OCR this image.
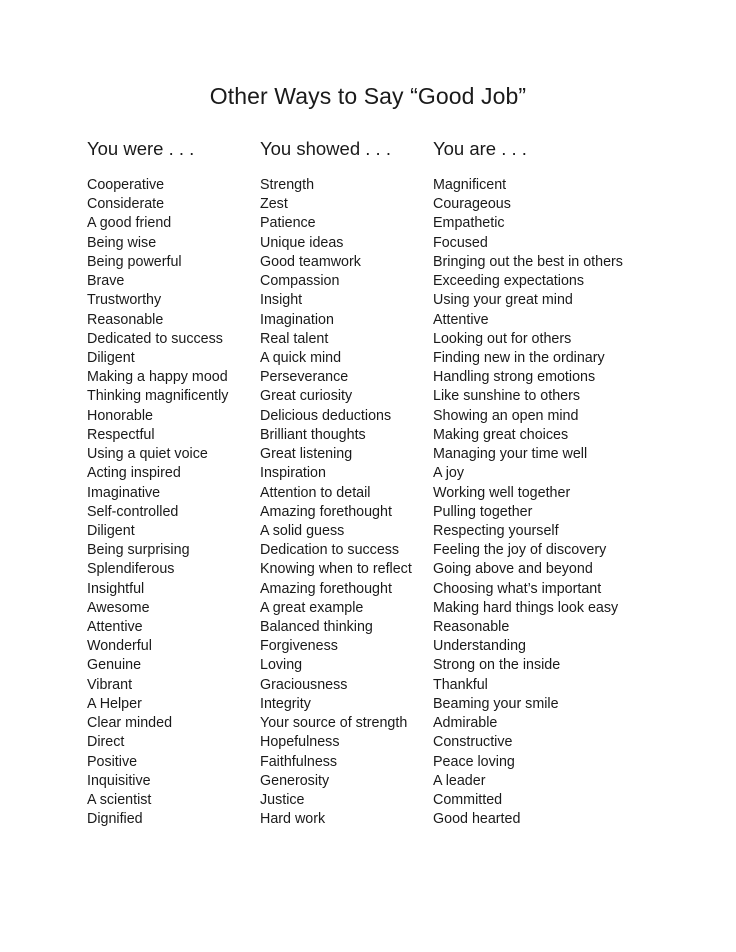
Other Ways to Say “Good Job”
You were . . .
Cooperative
Considerate
A good friend
Being wise
Being powerful
Brave
Trustworthy
Reasonable
Dedicated to success
Diligent
Making a happy mood
Thinking magnificently
Honorable
Respectful
Using a quiet voice
Acting inspired
Imaginative
Self-controlled
Diligent
Being surprising
Splendiferous
Insightful
Awesome
Attentive
Wonderful
Genuine
Vibrant
A Helper
Clear minded
Direct
Positive
Inquisitive
A scientist
Dignified
You showed . . .
Strength
Zest
Patience
Unique ideas
Good teamwork
Compassion
Insight
Imagination
Real talent
A quick mind
Perseverance
Great curiosity
Delicious deductions
Brilliant thoughts
Great listening
Inspiration
Attention to detail
Amazing forethought
A solid guess
Dedication to success
Knowing when to reflect
Amazing forethought
A great example
Balanced thinking
Forgiveness
Loving
Graciousness
Integrity
Your source of strength
Hopefulness
Faithfulness
Generosity
Justice
Hard work
You are . . .
Magnificent
Courageous
Empathetic
Focused
Bringing out the best in others
Exceeding expectations
Using your great mind
Attentive
Looking out for others
Finding new in the ordinary
Handling strong emotions
Like sunshine to others
Showing an open mind
Making great choices
Managing your time well
A joy
Working well together
Pulling together
Respecting yourself
Feeling the joy of discovery
Going above and beyond
Choosing what’s important
Making hard things look easy
Reasonable
Understanding
Strong on the inside
Thankful
Beaming your smile
Admirable
Constructive
Peace loving
A leader
Committed
Good hearted
